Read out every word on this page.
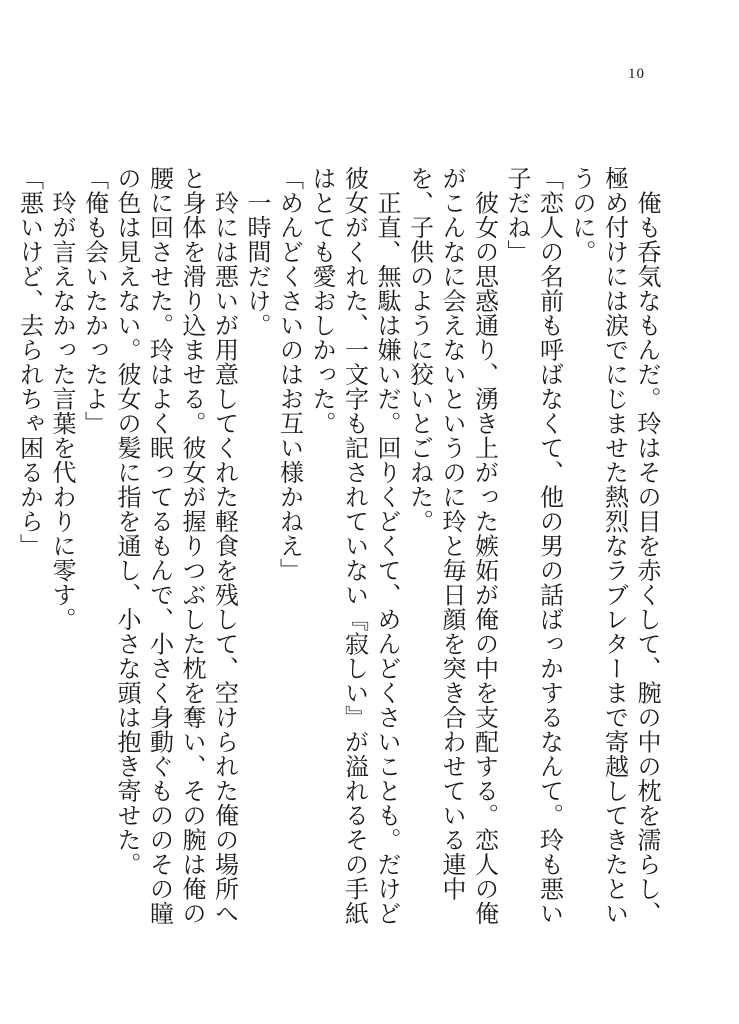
10

　俺も呑気なもんだ。玲はその目を赤くして、腕の中の枕を濡らし、極め付けには涙でにじませた熱烈なラブレターまで寄越してきたというのに。

「恋人の名前も呼ばなくて、他の男の話ばっかするなんて。玲も悪い子だね」

　彼女の思惑通り、湧き上がった嫉妬が俺の中を支配する。恋人の俺がこんなに会えないというのに玲と毎日顔を突き合わせている連中を、子供のように狡いとごねた。

　正直、無駄は嫌いだ。回りくどくて、めんどくさいことも。だけど彼女がくれた、一文字も記されていない『寂しい』が溢れるその手紙はとても愛おしかった。

「めんどくさいのはお互い様かねえ」

　一時間だけ。

　玲には悪いが用意してくれた軽食を残して、空けられた俺の場所へと身体を滑り込ませる。彼女が握りつぶした枕を奪い、その腕は俺の腰に回させた。玲はよく眠ってるもんで、小さく身動ぐもののその瞳の色は見えない。彼女の髪に指を通し、小さな頭は抱き寄せた。

「俺も会いたかったよ」

　玲が言えなかった言葉を代わりに零す。

「悪いけど、去られちゃ困るから」
